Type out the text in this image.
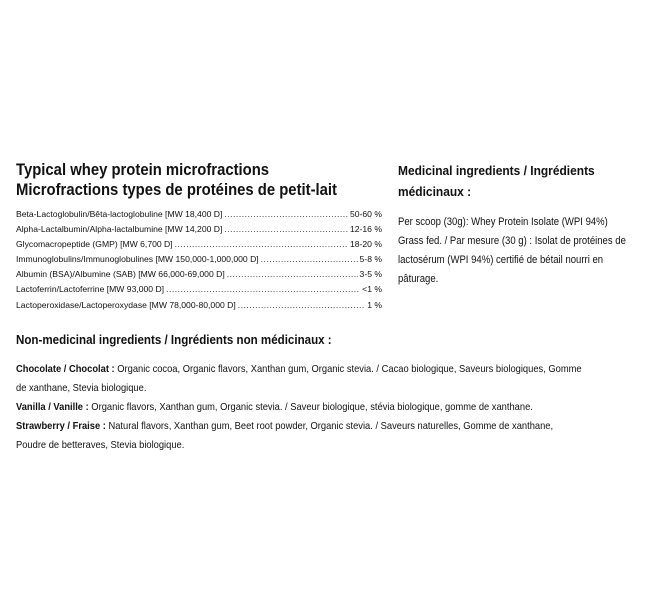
Typical whey protein microfractions
Microfractions types de protéines de petit-lait
Beta-Lactoglobulin/Bêta-lactoglobuline [MW 18,400 D] .....	50-60 %
Alpha-Lactalbumin/Alpha-lactalbumine [MW 14,200 D] .....	12-16 %
Glycomacropeptide (GMP) [MW 6,700 D] .....	18-20 %
Immunoglobulins/Immunoglobulines [MW 150,000-1,000,000 D] .....	5-8 %
Albumin (BSA)/Albumine (SAB) [MW 66,000-69,000 D] .....	3-5 %
Lactoferrin/Lactoferrine [MW 93,000 D] .....	<1 %
Lactoperoxidase/Lactoperoxydase [MW 78,000-80,000 D] .....	1 %
Medicinal ingredients / Ingrédients médicinaux :
Per scoop (30g): Whey Protein Isolate (WPI 94%) Grass fed. / Par mesure (30 g) : Isolat de protéines de lactosérum (WPI 94%) certifié de bétail nourri en pâturage.
Non-medicinal ingredients / Ingrédients non médicinaux :
Chocolate / Chocolat : Organic cocoa, Organic flavors, Xanthan gum, Organic stevia. / Cacao biologique, Saveurs biologiques, Gomme de xanthane, Stevia biologique.
Vanilla / Vanille : Organic flavors, Xanthan gum, Organic stevia. / Saveur biologique, stévia biologique, gomme de xanthane.
Strawberry / Fraise : Natural flavors, Xanthan gum, Beet root powder, Organic stevia. / Saveurs naturelles, Gomme de xanthane, Poudre de betteraves, Stevia biologique.
